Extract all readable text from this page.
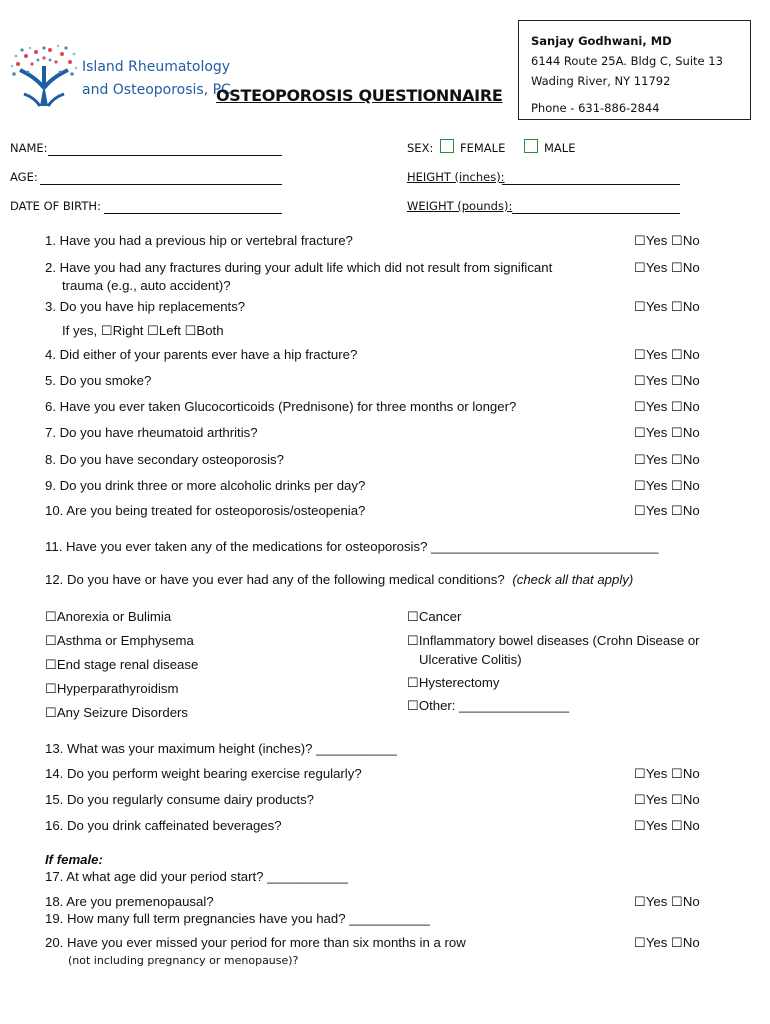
Island Rheumatology
and Osteoporosis, PC
OSTEOPOROSIS QUESTIONNAIRE
Sanjay Godhwani, MD
6144 Route 25A. Bldg C, Suite 13
Wading River, NY 11792
Phone - 631-886-2844
NAME:
AGE:
DATE OF BIRTH:
SEX: FEMALE	MALE
HEIGHT (inches):
WEIGHT (pounds):
1. Have you had a previous hip or vertebral fracture?	☐Yes ☐No
2. Have you had any fractures during your adult life which did not result from significant
trauma (e.g., auto accident)?
☐Yes ☐No
3. Do you have hip replacements?	☐Yes ☐No
If yes, ☐Right ☐Left ☐Both
4. Did either of your parents ever have a hip fracture?	☐Yes ☐No
5. Do you smoke?	☐Yes ☐No
6. Have you ever taken Glucocorticoids (Prednisone) for three months or longer?	☐Yes ☐No
7. Do you have rheumatoid arthritis?	☐Yes ☐No
8. Do you have secondary osteoporosis?	☐Yes ☐No
9. Do you drink three or more alcoholic drinks per day?	☐Yes ☐No
10. Are you being treated for osteoporosis/osteopenia?	☐Yes ☐No
11. Have you ever taken any of the medications for osteoporosis? _______________________________
12. Do you have or have you ever had any of the following medical conditions? (check all that apply)
☐Anorexia or Bulimia
☐Asthma or Emphysema
☐End stage renal disease
☐Hyperparathyroidism
☐Any Seizure Disorders
☐Cancer
☐Inflammatory bowel diseases (Crohn Disease or
Ulcerative Colitis)
☐Hysterectomy
☐Other: _______________
13. What was your maximum height (inches)? ___________
14. Do you perform weight bearing exercise regularly?	☐Yes ☐No
15. Do you regularly consume dairy products?	☐Yes ☐No
16. Do you drink caffeinated beverages?	☐Yes ☐No
If female:
17. At what age did your period start? ___________
18. Are you premenopausal?	☐Yes ☐No
19. How many full term pregnancies have you had? ___________
20. Have you ever missed your period for more than six months in a row	☐Yes ☐No
(not including pregnancy or menopause)?
